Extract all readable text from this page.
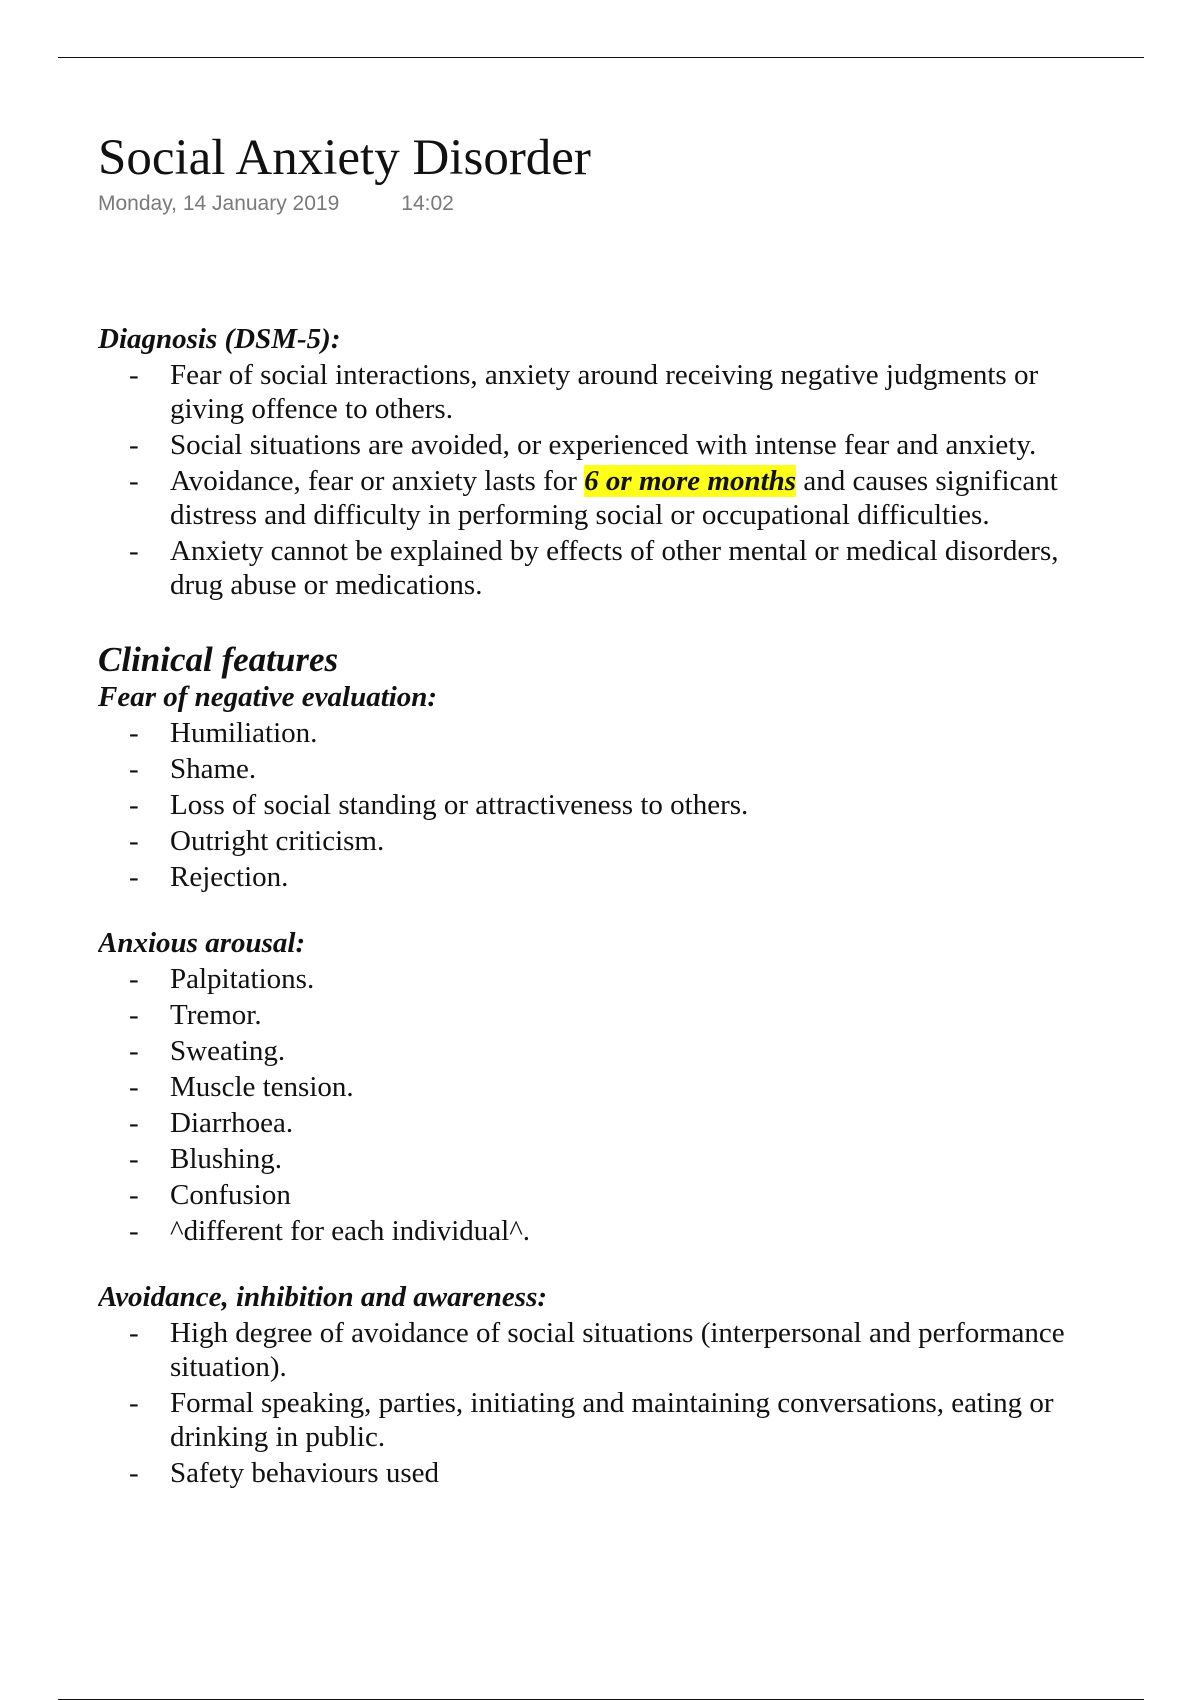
Social Anxiety Disorder
Monday, 14 January 2019	14:02

Diagnosis (DSM-5):

- Fear of social interactions, anxiety around receiving negative judgments or giving offence to others.
- Social situations are avoided, or experienced with intense fear and anxiety.
- Avoidance, fear or anxiety lasts for 6 or more months and causes significant distress and difficulty in performing social or occupational difficulties.
- Anxiety cannot be explained by effects of other mental or medical disorders, drug abuse or medications.

Clinical features

Fear of negative evaluation:

- Humiliation.
- Shame.
- Loss of social standing or attractiveness to others.
- Outright criticism.
- Rejection.

Anxious arousal:

- Palpitations.
- Tremor.
- Sweating.
- Muscle tension.
- Diarrhoea.
- Blushing.
- Confusion
- ^different for each individual^.

Avoidance, inhibition and awareness:

- High degree of avoidance of social situations (interpersonal and performance situation).
- Formal speaking, parties, initiating and maintaining conversations, eating or drinking in public.
- Safety behaviours used
